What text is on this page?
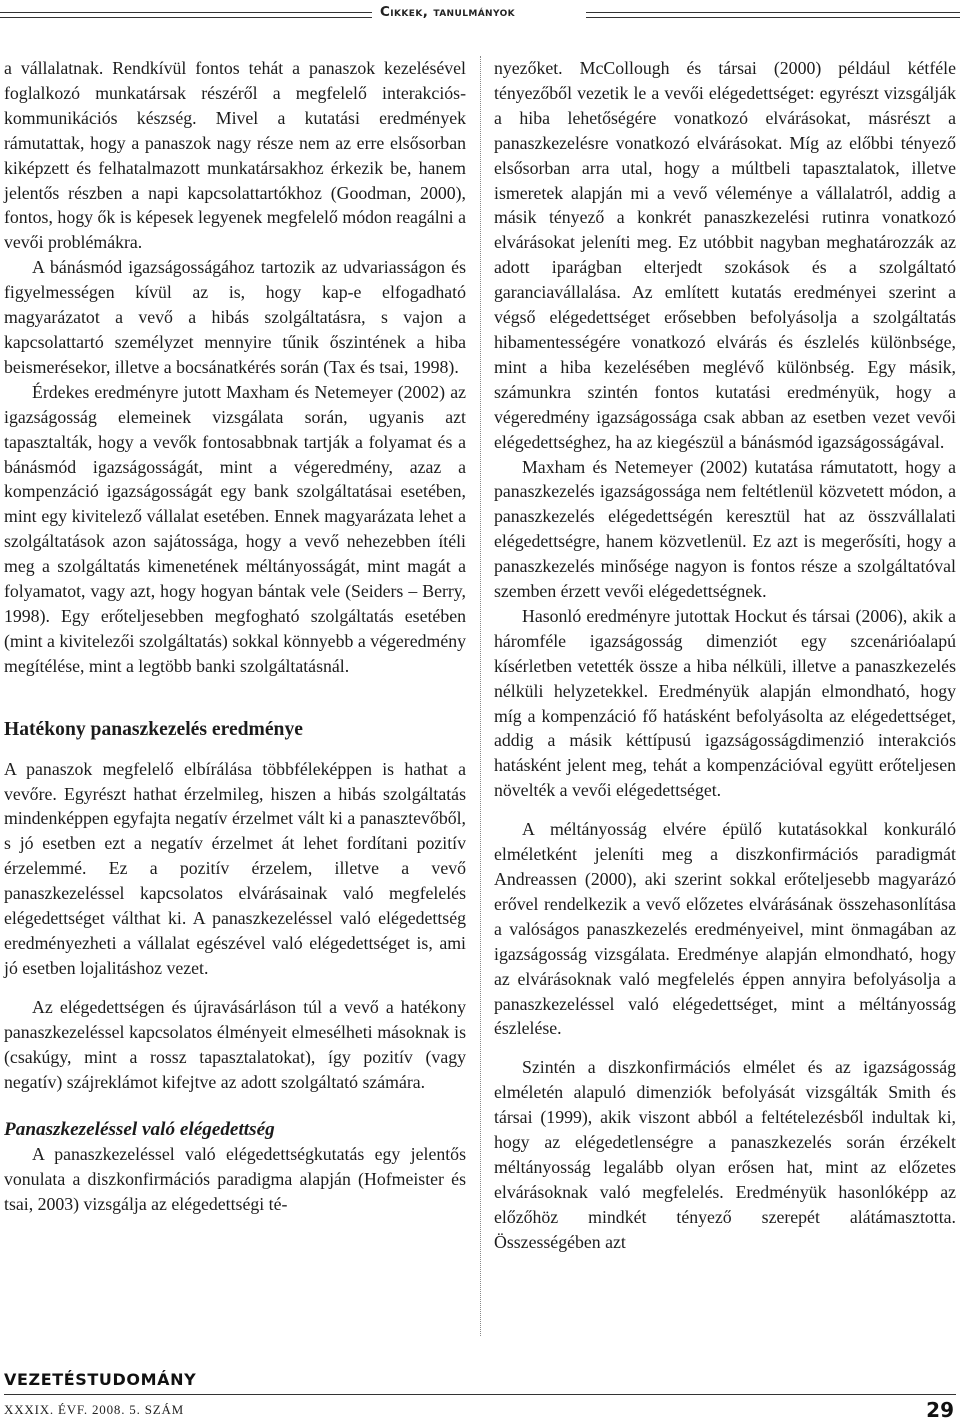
Cikkek, tanulmányok

a vállalatnak. Rendkívül fontos tehát a panaszok kezelésével foglalkozó munkatársak részéről a megfelelő interakciós-kommunikációs készség. Mivel a kutatási eredmények rámutattak, hogy a panaszok nagy része nem az erre elsősorban kiképzett és felhatalmazott munkatársakhoz érkezik be, hanem jelentős részben a napi kapcsolattartókhoz (Goodman, 2000), fontos, hogy ők is képesek legyenek megfelelő módon reagálni a vevői problémákra.

A bánásmód igazságosságához tartozik az udvariasságon és figyelmességen kívül az is, hogy kap-e elfogadható magyarázatot a vevő a hibás szolgáltatásra, s vajon a kapcsolattartó személyzet mennyire tűnik őszintének a hiba beismerésekor, illetve a bocsánatkérés során (Tax és tsai, 1998).

Érdekes eredményre jutott Maxham és Netemeyer (2002) az igazságosság elemeinek vizsgálata során, ugyanis azt tapasztalták, hogy a vevők fontosabbnak tartják a folyamat és a bánásmód igazságosságát, mint a végeredmény, azaz a kompenzáció igazságosságát egy bank szolgáltatásai esetében, mint egy kivitelező vállalat esetében. Ennek magyarázata lehet a szolgáltatások azon sajátossága, hogy a vevő nehezebben ítéli meg a szolgáltatás kimenetének méltányosságát, mint magát a folyamatot, vagy azt, hogy hogyan bántak vele (Seiders – Berry, 1998). Egy erőteljesebben megfogható szolgáltatás esetében (mint a kivitelezői szolgáltatás) sokkal könnyebb a végeredmény megítélése, mint a legtöbb banki szolgáltatásnál.

Hatékony panaszkezelés eredménye

A panaszok megfelelő elbírálása többféleképpen is hathat a vevőre. Egyrészt hathat érzelmileg, hiszen a hibás szolgáltatás mindenképpen egyfajta negatív érzelmet vált ki a panasztevőből, s jó esetben ezt a negatív érzelmet át lehet fordítani pozitív érzelemmé. Ez a pozitív érzelem, illetve a vevő panaszkezeléssel kapcsolatos elvárásainak való megfelelés elégedettséget válthat ki. A panaszkezeléssel való elégedettség eredményezheti a vállalat egészével való elégedettséget is, ami jó esetben lojalitáshoz vezet.

Az elégedettségen és újravásárláson túl a vevő a hatékony panaszkezeléssel kapcsolatos élményeit elmesélheti másoknak is (csakúgy, mint a rossz tapasztalatokat), így pozitív (vagy negatív) szájreklámot kifejtve az adott szolgáltató számára.

Panaszkezeléssel való elégedettség

A panaszkezeléssel való elégedettségkutatás egy jelentős vonulata a diszkonfirmációs paradigma alapján (Hofmeister és tsai, 2003) vizsgálja az elégedettségi té-

nyezőket. McCollough és társai (2000) például kétféle tényezőből vezetik le a vevői elégedettséget: egyrészt vizsgálják a hiba lehetőségére vonatkozó elvárásokat, másrészt a panaszkezelésre vonatkozó elvárásokat. Míg az előbbi tényező elsősorban arra utal, hogy a múltbeli tapasztalatok, illetve ismeretek alapján mi a vevő véleménye a vállalatról, addig a másik tényező a konkrét panaszkezelési rutinra vonatkozó elvárásokat jeleníti meg. Ez utóbbit nagyban meghatározzák az adott iparágban elterjedt szokások és a szolgáltató garanciavállalása. Az említett kutatás eredményei szerint a végső elégedettséget erősebben befolyásolja a szolgáltatás hibamentességére vonatkozó elvárás és észlelés különbsége, mint a hiba kezelésében meglévő különbség. Egy másik, számunkra szintén fontos kutatási eredményük, hogy a végeredmény igazságossága csak abban az esetben vezet vevői elégedettséghez, ha az kiegészül a bánásmód igazságosságával.

Maxham és Netemeyer (2002) kutatása rámutatott, hogy a panaszkezelés igazságossága nem feltétlenül közvetett módon, a panaszkezelés elégedettségén keresztül hat az összvállalati elégedettségre, hanem közvetlenül. Ez azt is megerősíti, hogy a panaszkezelés minősége nagyon is fontos része a szolgáltatóval szemben érzett vevői elégedettségnek.

Hasonló eredményre jutottak Hockut és társai (2006), akik a háromféle igazságosság dimenziót egy szcenárióalapú kísérletben vetették össze a hiba nélküli, illetve a panaszkezelés nélküli helyzetekkel. Eredményük alapján elmondható, hogy míg a kompenzáció fő hatásként befolyásolta az elégedettséget, addig a másik kéttípusú igazságosságdimenzió interakciós hatásként jelent meg, tehát a kompenzációval együtt erőteljesen növelték a vevői elégedettséget.

A méltányosság elvére épülő kutatásokkal konkuráló elméletként jeleníti meg a diszkonfirmációs paradigmát Andreassen (2000), aki szerint sokkal erőteljesebb magyarázó erővel rendelkezik a vevő előzetes elvárásának összehasonlítása a valóságos panaszkezelés eredményeivel, mint önmagában az igazságosság vizsgálata. Eredménye alapján elmondható, hogy az elvárásoknak való megfelelés éppen annyira befolyásolja a panaszkezeléssel való elégedettséget, mint a méltányosság észlelése.

Szintén a diszkonfirmációs elmélet és az igazságosság elméletén alapuló dimenziók befolyását vizsgálták Smith és társai (1999), akik viszont abból a feltételezésből indultak ki, hogy az elégedetlenségre a panaszkezelés során érzékelt méltányosság legalább olyan erősen hat, mint az előzetes elvárásoknak való megfelelés. Eredményük hasonlóképp az előzőhöz mindkét tényező szerepét alátámasztotta. Összességében azt

VEZETÉSTUDOMÁNY
XXXIX. ÉVF. 2008. 5. SZÁM	29
